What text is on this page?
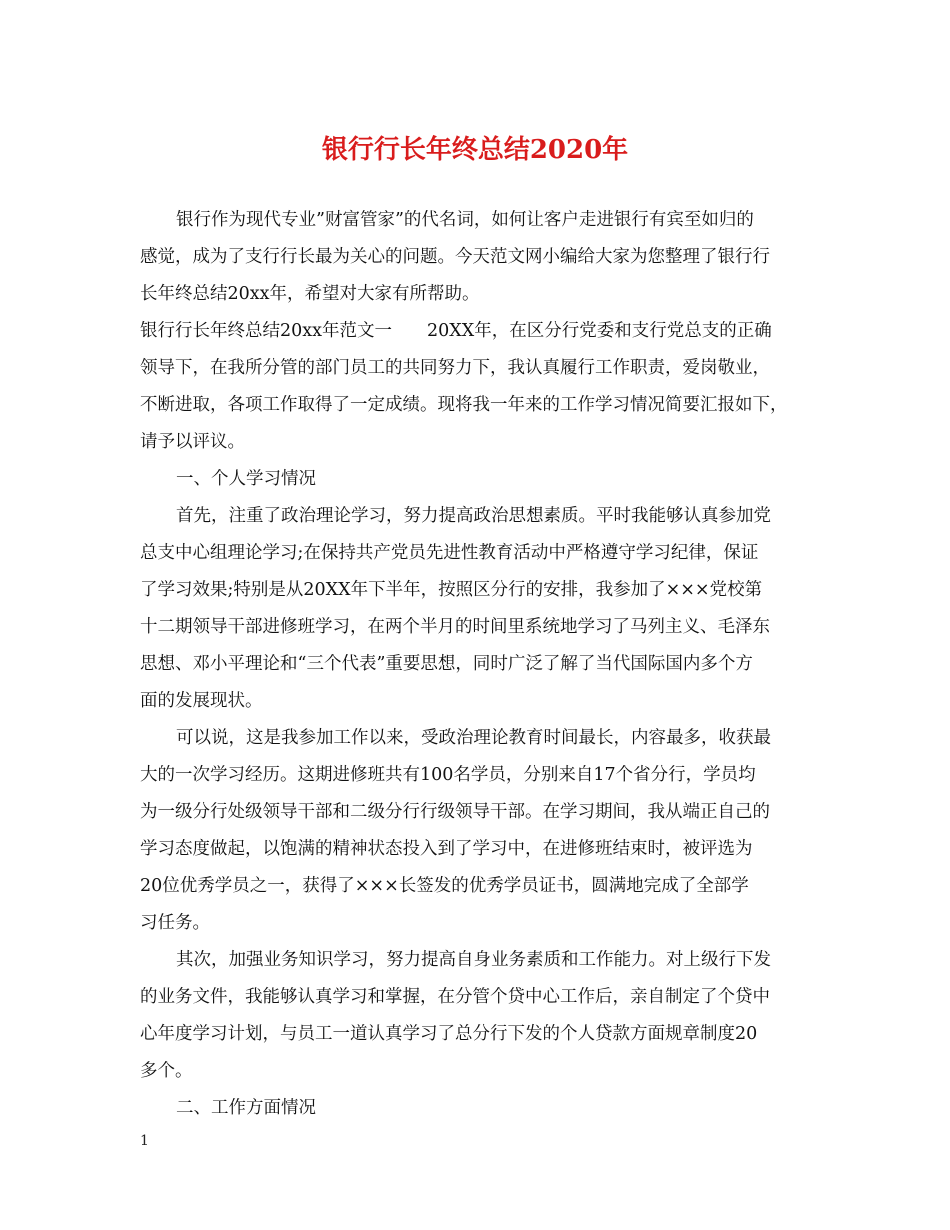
银行行长年终总结2020年
银行作为现代专业”财富管家”的代名词，如何让客户走进银行有宾至如归的
感觉，成为了支行行长最为关心的问题。今天范文网小编给大家为您整理了银行行
长年终总结20xx年，希望对大家有所帮助。
银行行长年终总结20xx年范文一　　20XX年，在区分行党委和支行党总支的正确
领导下，在我所分管的部门员工的共同努力下，我认真履行工作职责，爱岗敬业，
不断进取，各项工作取得了一定成绩。现将我一年来的工作学习情况简要汇报如下，
请予以评议。
一、个人学习情况
首先，注重了政治理论学习，努力提高政治思想素质。平时我能够认真参加党
总支中心组理论学习;在保持共产党员先进性教育活动中严格遵守学习纪律，保证
了学习效果;特别是从20XX年下半年，按照区分行的安排，我参加了×××党校第
十二期领导干部进修班学习，在两个半月的时间里系统地学习了马列主义、毛泽东
思想、邓小平理论和“三个代表”重要思想，同时广泛了解了当代国际国内多个方
面的发展现状。
可以说，这是我参加工作以来，受政治理论教育时间最长，内容最多，收获最
大的一次学习经历。这期进修班共有100名学员，分别来自17个省分行，学员均
为一级分行处级领导干部和二级分行行级领导干部。在学习期间，我从端正自己的
学习态度做起，以饱满的精神状态投入到了学习中，在进修班结束时，被评选为
20位优秀学员之一，获得了×××长签发的优秀学员证书，圆满地完成了全部学
习任务。
其次，加强业务知识学习，努力提高自身业务素质和工作能力。对上级行下发
的业务文件，我能够认真学习和掌握，在分管个贷中心工作后，亲自制定了个贷中
心年度学习计划，与员工一道认真学习了总分行下发的个人贷款方面规章制度20
多个。
二、工作方面情况
1
